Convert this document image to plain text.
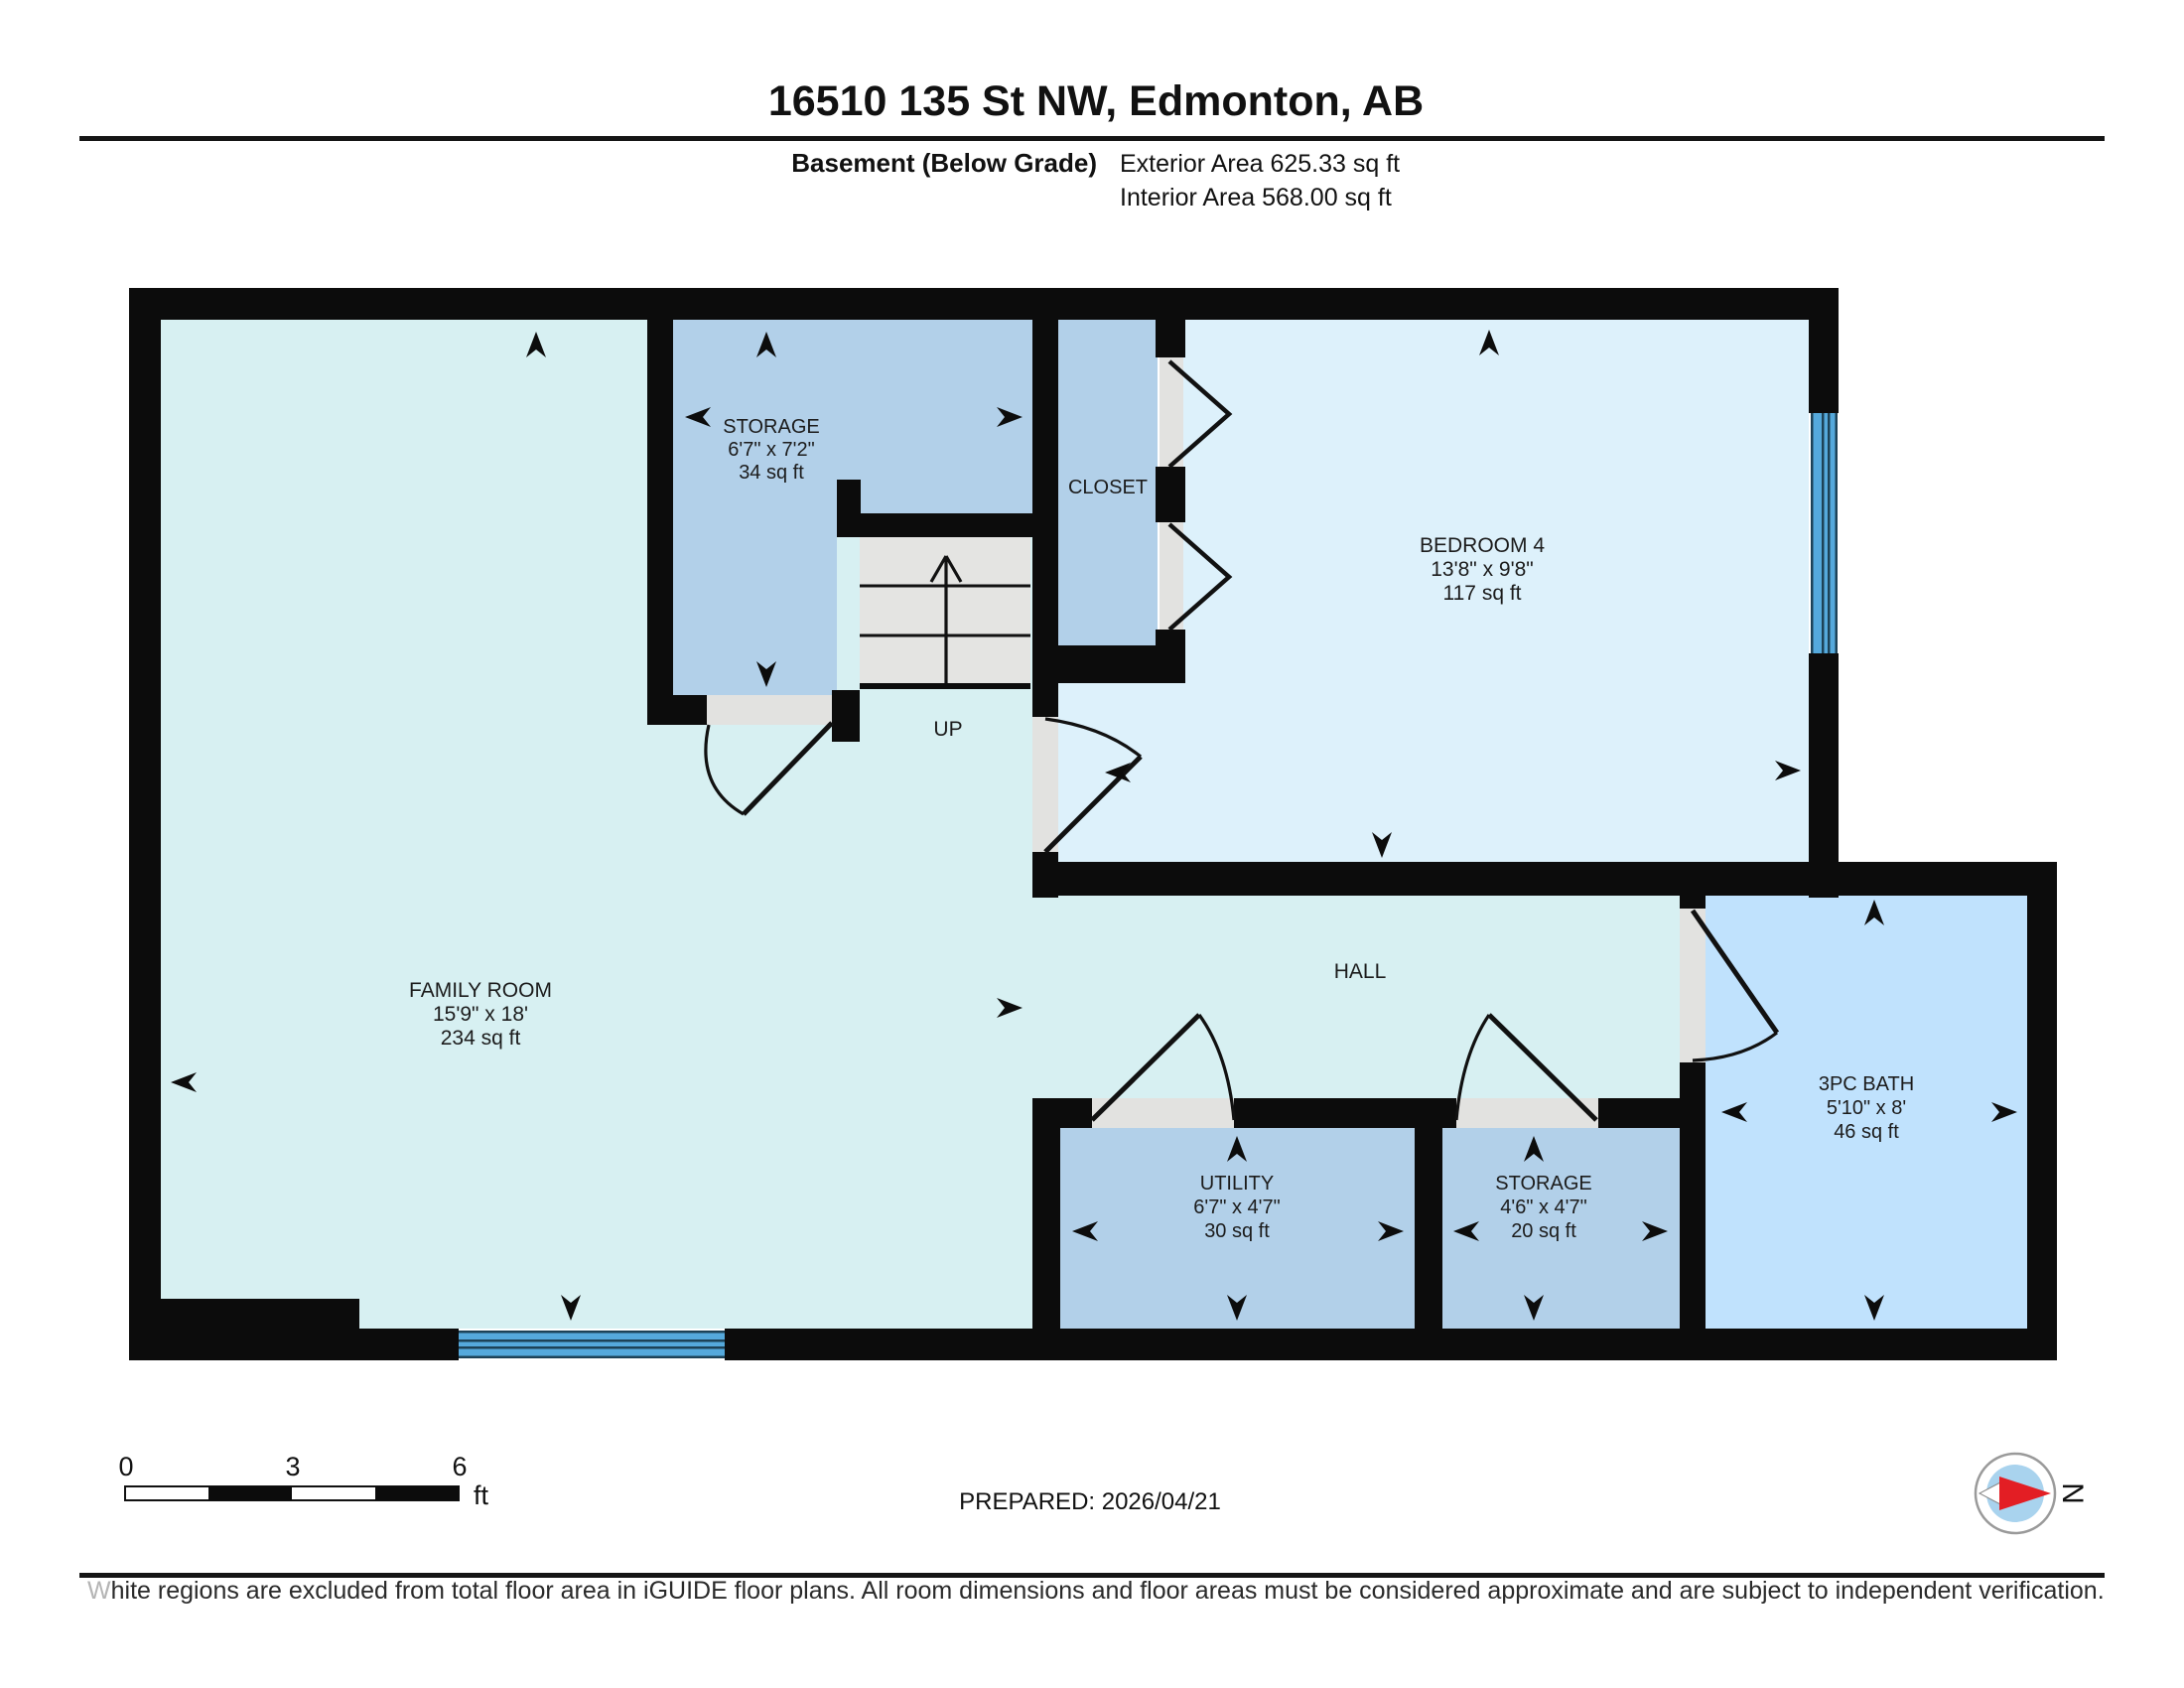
16510 135 St NW, Edmonton, AB
Basement (Below Grade) Exterior Area 625.33 sq ft
Interior Area 568.00 sq ft
STORAGE
6'7" x 7'2"
34 sq ft
CLOSET
BEDROOM 4
13'8" x 9'8"
117 sq ft
FAMILY ROOM
15'9" x 18'
234 sq ft
HALL
UP
UTILITY
6'7" x 4'7"
30 sq ft
STORAGE
4'6" x 4'7"
20 sq ft
3PC BATH
5'10" x 8'
46 sq ft
0	3	6
ft	PREPARED: 2026/04/21	N
White regions are excluded from total floor area in iGUIDE floor plans. All room dimensions and floor areas must be considered approximate and are subject to independent verification.
